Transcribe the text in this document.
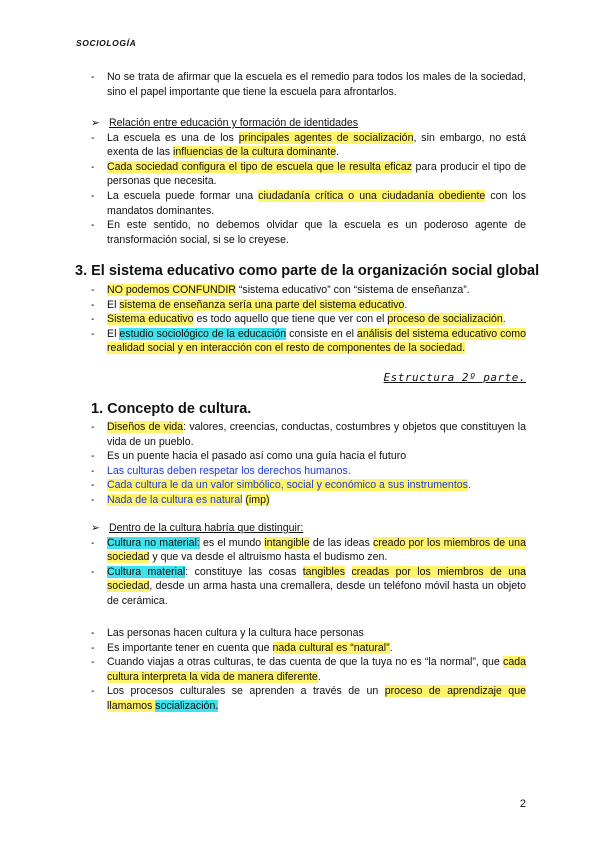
SOCIOLOGÍA
- No se trata de afirmar que la escuela es el remedio para todos los males de la sociedad, sino el papel importante que tiene la escuela para afrontarlos.
➢ Relación entre educación y formación de identidades
- La escuela es una de los principales agentes de socialización, sin embargo, no está exenta de las influencias de la cultura dominante.
- Cada sociedad configura el tipo de escuela que le resulta eficaz para producir el tipo de personas que necesita.
- La escuela puede formar una ciudadanía crítica o una ciudadanía obediente con los mandatos dominantes.
- En este sentido, no debemos olvidar que la escuela es un poderoso agente de transformación social, si se lo creyese.
3. El sistema educativo como parte de la organización social global
- NO podemos CONFUNDIR “sistema educativo” con “sistema de enseñanza”.
- El sistema de enseñanza sería una parte del sistema educativo.
- Sistema educativo es todo aquello que tiene que ver con el proceso de socialización.
- El estudio sociológico de la educación consiste en el análisis del sistema educativo como realidad social y en interacción con el resto de componentes de la sociedad.
Estructura 2º parte.
1. Concepto de cultura.
- Diseños de vida: valores, creencias, conductas, costumbres y objetos que constituyen la vida de un pueblo.
- Es un puente hacia el pasado así como una guía hacia el futuro
- Las culturas deben respetar los derechos humanos.
- Cada cultura le da un valor simbólico, social y económico a sus instrumentos.
- Nada de la cultura es natural (imp)
➢ Dentro de la cultura habría que distinguir:
- Cultura no material: es el mundo intangible de las ideas creado por los miembros de una sociedad y que va desde el altruismo hasta el budismo zen.
- Cultura material: constituye las cosas tangibles creadas por los miembros de una sociedad, desde un arma hasta una cremallera, desde un teléfono móvil hasta un objeto de cerámica.
- Las personas hacen cultura y la cultura hace personas
- Es importante tener en cuenta que nada cultural es “natural”.
- Cuando viajas a otras culturas, te das cuenta de que la tuya no es “la normal”, que cada cultura interpreta la vida de manera diferente.
- Los procesos culturales se aprenden a través de un proceso de aprendizaje que llamamos socialización.
2
